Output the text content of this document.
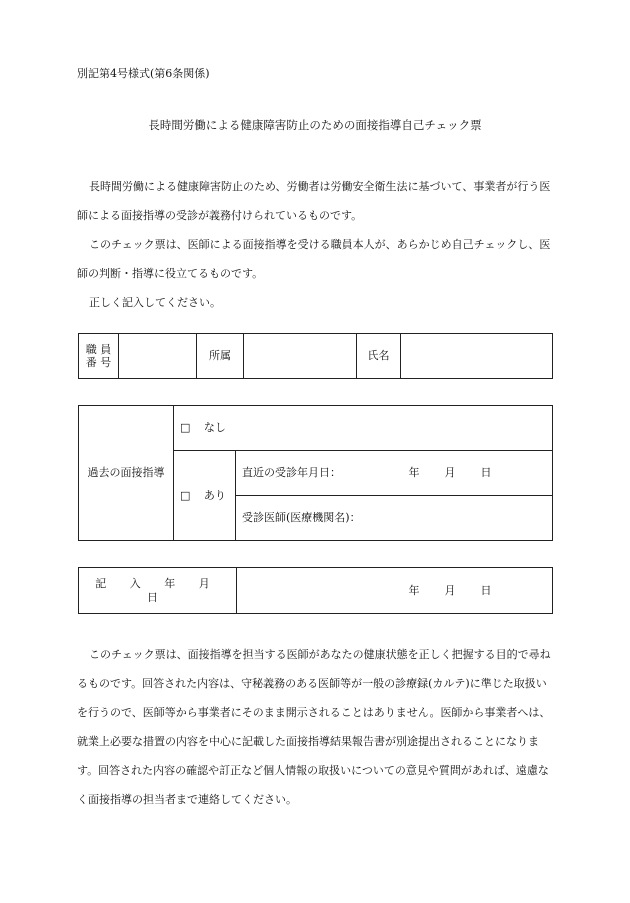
別記第4号様式(第6条関係)
長時間労働による健康障害防止のための面接指導自己チェック票

長時間労働による健康障害防止のため、労働者は労働安全衛生法に基づいて、事業者が行う医師による面接指導の受診が義務付けられているものです。

このチェック票は、医師による面接指導を受ける職員本人が、あらかじめ自己チェックし、医師の判断・指導に役立てるものです。

正しく記入してください。

職 員
番 号
		所属		氏名	
過去の面接指導	□ なし	
	□ あり	直近の受診年月日： 年 月 日

		受診医師(医療機関名)：
記 入 年 月 日	
年 月 日

このチェック票は、面接指導を担当する医師があなたの健康状態を正しく把握する目的で尋ねるものです。回答された内容は、守秘義務のある医師等が一般の診療録(カルテ)に準じた取扱いを行うので、医師等から事業者にそのまま開示されることはありません。医師から事業者へは、就業上必要な措置の内容を中心に記載した面接指導結果報告書が別途提出されることになります。回答された内容の確認や訂正など個人情報の取扱いについての意見や質問があれば、遠慮なく面接指導の担当者まで連絡してください。
